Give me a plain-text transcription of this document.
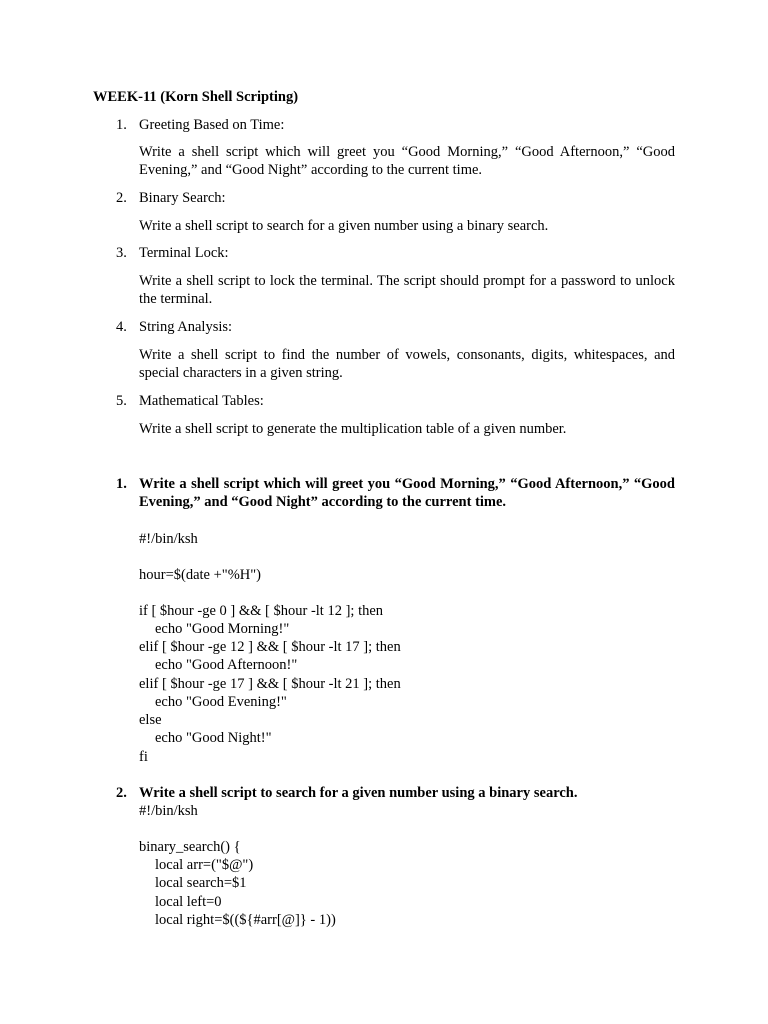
WEEK-11 (Korn Shell Scripting)
1. Greeting Based on Time:
Write a shell script which will greet you “Good Morning,” “Good Afternoon,” “Good Evening,” and “Good Night” according to the current time.
2. Binary Search:
Write a shell script to search for a given number using a binary search.
3. Terminal Lock:
Write a shell script to lock the terminal. The script should prompt for a password to unlock the terminal.
4. String Analysis:
Write a shell script to find the number of vowels, consonants, digits, whitespaces, and special characters in a given string.
5. Mathematical Tables:
Write a shell script to generate the multiplication table of a given number.
1. Write a shell script which will greet you “Good Morning,” “Good Afternoon,” “Good Evening,” and “Good Night” according to the current time.
#!/bin/ksh
hour=$(date +"%H")
if [ $hour -ge 0 ] && [ $hour -lt 12 ]; then
echo "Good Morning!"
elif [ $hour -ge 12 ] && [ $hour -lt 17 ]; then
echo "Good Afternoon!"
elif [ $hour -ge 17 ] && [ $hour -lt 21 ]; then
echo "Good Evening!"
else
echo "Good Night!"
fi
2. Write a shell script to search for a given number using a binary search.
#!/bin/ksh
binary_search() {
local arr=("$@")
local search=$1
local left=0
local right=$((${#arr[@]} - 1))
